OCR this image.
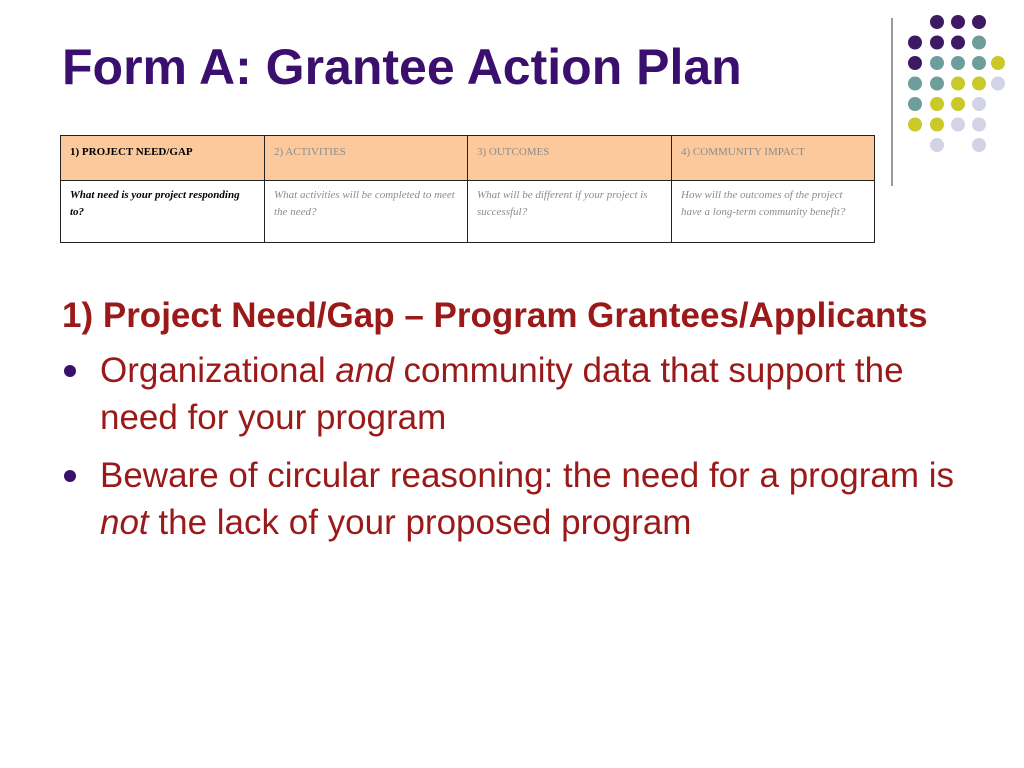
Form A: Grantee Action Plan
1) PROJECT NEED/GAP	2) ACTIVITIES	3) OUTCOMES	4) COMMUNITY IMPACT
What need is your project responding to?	What activities will be completed to meet the need?	What will be different if your project is successful?	How will the outcomes of the project have a long-term community benefit?

1) Project Need/Gap – Program Grantees/Applicants

Organizational and community data that support the need for your program
Beware of circular reasoning: the need for a program is not the lack of your proposed program
